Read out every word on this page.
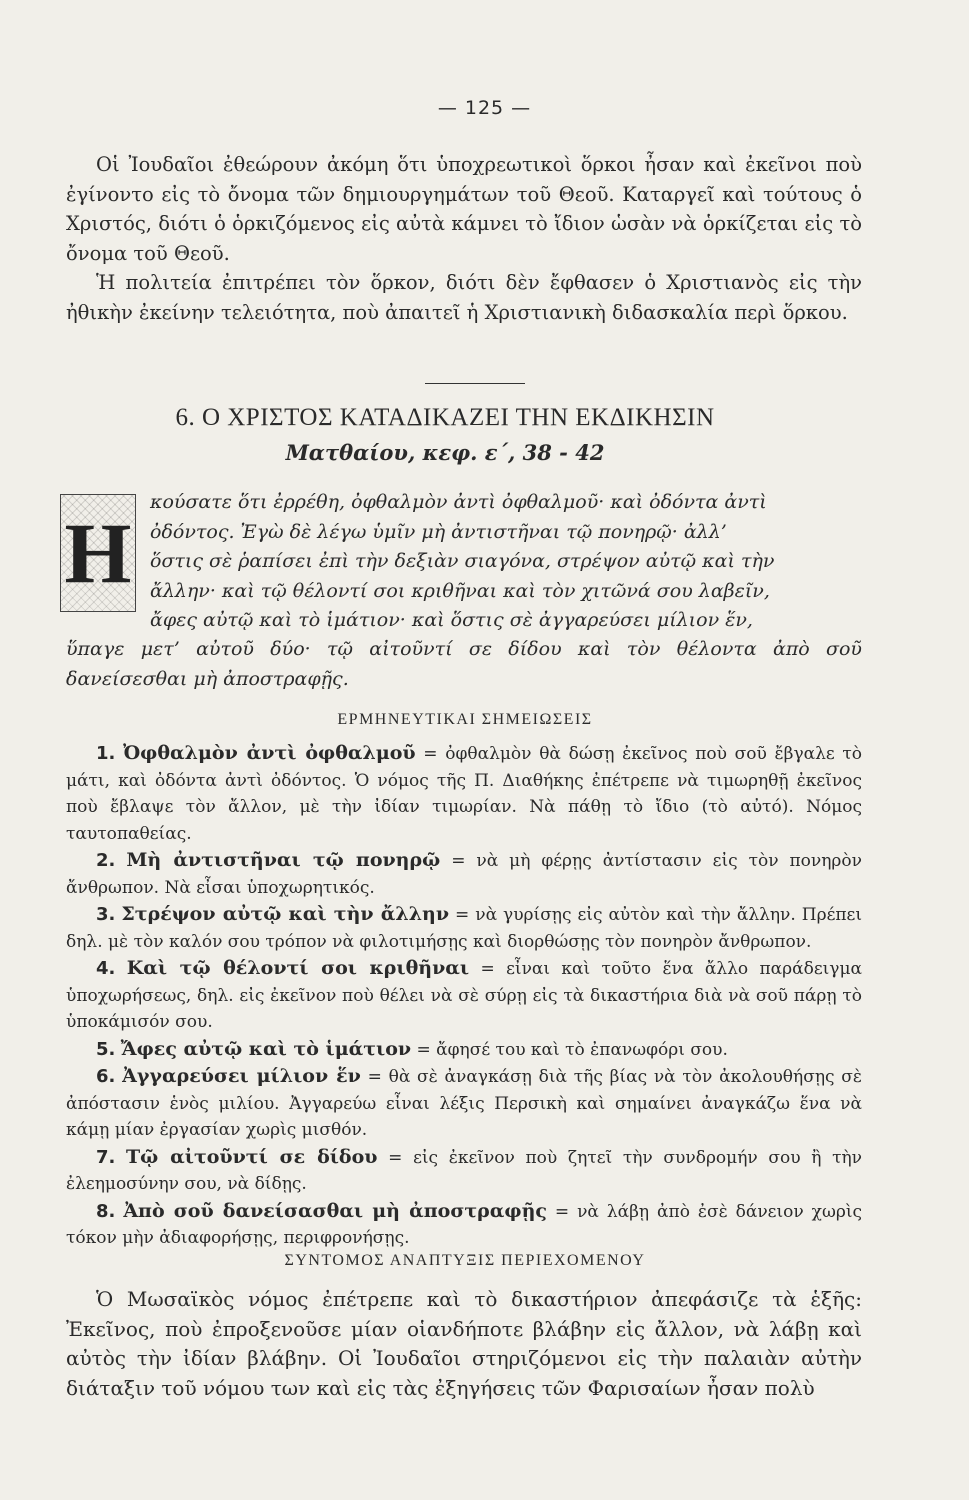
— 125 —

Οἱ Ἰουδαῖοι ἐθεώρουν ἀκόμη ὅτι ὑποχρεωτικοὶ ὅρκοι ἦσαν καὶ ἐκεῖνοι ποὺ ἐγίνοντο εἰς τὸ ὄνομα τῶν δημιουργημάτων τοῦ Θεοῦ. Καταργεῖ καὶ τούτους ὁ Χριστός, διότι ὁ ὁρκιζόμενος εἰς αὐτὰ κάμνει τὸ ἴδιον ὡσὰν νὰ ὁρκίζεται εἰς τὸ ὄνομα τοῦ Θεοῦ.

Ἡ πολιτεία ἐπιτρέπει τὸν ὅρκον, διότι δὲν ἔφθασεν ὁ Χριστιανὸς εἰς τὴν ἠθικὴν ἐκείνην τελειότητα, ποὺ ἀπαιτεῖ ἡ Χριστιανικὴ διδασκαλία περὶ ὅρκου.

6. Ο ΧΡΙΣΤΟΣ ΚΑΤΑΔΙΚΑΖΕΙ ΤΗΝ ΕΚΔΙΚΗΣΙΝ
Ματθαίου, κεφ. ε΄, 38 - 42
Η

κούσατε ὅτι ἐρρέθη, ὀφθαλμὸν ἀντὶ ὀφθαλμοῦ· καὶ ὀδόντα ἀντὶ

ὀδόντος. Ἐγὼ δὲ λέγω ὑμῖν μὴ ἀντιστῆναι τῷ πονηρῷ· ἀλλ’

ὅστις σὲ ῥαπίσει ἐπὶ τὴν δεξιὰν σιαγόνα, στρέψον αὐτῷ καὶ τὴν

ἄλλην· καὶ τῷ θέλοντί σοι κριθῆναι καὶ τὸν χιτῶνά σου λαβεῖν,

ἄφες αὐτῷ καὶ τὸ ἱμάτιον· καὶ ὅστις σὲ ἀγγαρεύσει μίλιον ἕν,

ὕπαγε μετ’ αὐτοῦ δύο· τῷ αἰτοῦντί σε δίδου καὶ τὸν θέλοντα ἀπὸ σοῦ δανείσεσθαι μὴ ἀποστραφῇς.

ΕΡΜΗΝΕΥΤΙΚΑΙ ΣΗΜΕΙΩΣΕΙΣ

1. Ὀφθαλμὸν ἀντὶ ὀφθαλμοῦ = ὀφθαλμὸν θὰ δώσῃ ἐκεῖνος ποὺ σοῦ ἔβγαλε τὸ μάτι, καὶ ὀδόντα ἀντὶ ὀδόντος. Ὁ νόμος τῆς Π. Διαθήκης ἐπέτρεπε νὰ τιμωρηθῇ ἐκεῖνος ποὺ ἔβλαψε τὸν ἄλλον, μὲ τὴν ἰδίαν τιμωρίαν. Νὰ πάθῃ τὸ ἴδιο (τὸ αὐτό). Νόμος ταυτοπαθείας.

2. Μὴ ἀντιστῆναι τῷ πονηρῷ = νὰ μὴ φέρῃς ἀντίστασιν εἰς τὸν πονηρὸν ἄνθρωπον. Νὰ εἶσαι ὑποχωρητικός.

3. Στρέψον αὐτῷ καὶ τὴν ἄλλην = νὰ γυρίσῃς εἰς αὐτὸν καὶ τὴν ἄλλην. Πρέπει δηλ. μὲ τὸν καλόν σου τρόπον νὰ φιλοτιμήσῃς καὶ διορθώσῃς τὸν πονηρὸν ἄνθρωπον.

4. Καὶ τῷ θέλοντί σοι κριθῆναι = εἶναι καὶ τοῦτο ἕνα ἄλλο παράδειγμα ὑποχωρήσεως, δηλ. εἰς ἐκεῖνον ποὺ θέλει νὰ σὲ σύρῃ εἰς τὰ δικαστήρια διὰ νὰ σοῦ πάρῃ τὸ ὑποκάμισόν σου.

5. Ἄφες αὐτῷ καὶ τὸ ἱμάτιον = ἄφησέ του καὶ τὸ ἐπανωφόρι σου.

6. Ἀγγαρεύσει μίλιον ἕν = θὰ σὲ ἀναγκάσῃ διὰ τῆς βίας νὰ τὸν ἀκολουθήσῃς σὲ ἀπόστασιν ἑνὸς μιλίου. Ἀγγαρεύω εἶναι λέξις Περσικὴ καὶ σημαίνει ἀναγκάζω ἕνα νὰ κάμῃ μίαν ἐργασίαν χωρὶς μισθόν.

7. Τῷ αἰτοῦντί σε δίδου = εἰς ἐκεῖνον ποὺ ζητεῖ τὴν συνδρομήν σου ἢ τὴν ἐλεημοσύνην σου, νὰ δίδῃς.

8. Ἀπὸ σοῦ δανείσασθαι μὴ ἀποστραφῇς = νὰ λάβῃ ἀπὸ ἐσὲ δάνειον χωρὶς τόκον μὴν ἀδιαφορήσῃς, περιφρονήσῃς.

ΣΥΝΤΟΜΟΣ ΑΝΑΠΤΥΞΙΣ ΠΕΡΙΕΧΟΜΕΝΟΥ

Ὁ Μωσαϊκὸς νόμος ἐπέτρεπε καὶ τὸ δικαστήριον ἀπεφάσιζε τὰ ἑξῆς: Ἐκεῖνος, ποὺ ἐπροξενοῦσε μίαν οἱανδήποτε βλάβην εἰς ἄλλον, νὰ λάβῃ καὶ αὐτὸς τὴν ἰδίαν βλάβην. Οἱ Ἰουδαῖοι στηριζόμενοι εἰς τὴν παλαιὰν αὐτὴν διάταξιν τοῦ νόμου των καὶ εἰς τὰς ἐξηγήσεις τῶν Φαρισαίων ἦσαν πολὺ
